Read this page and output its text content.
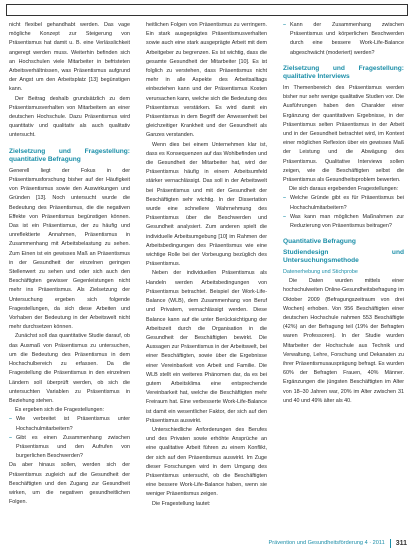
nicht flexibel gehandhabt werden. Das vage mögliche Konzept zur Steigerung von Präsentismus hat damit u. B. eine Verlässlichkeit angeregt werden muss. Weiterhin befinden sich an Hochschulen viele Mitarbeiter in befristeten Arbeitsverhältnissen, was Präsentismus aufgrund der Angst um den Arbeitsplatz [13] begünstigen kann.

Der Beitrag deshalb grundsätzlich zu dem Präsentismusverhalten von Mitarbeitern an einer deutschen Hochschule. Dazu Präsentismus wird quantitativ und qualitativ als auch qualitativ untersucht.

Zielsetzung und Fragestellung: quantitative Befragung

Generell liegt der Fokus in der Präsentismusforschung bisher auf der Häufigkeit von Präsentismus sowie den Auswirkungen und Gründen [13]. Noch untersucht wurde die Bedeutung des Präsentismus, die die negativen Effekte von Präsentismus begünstigen können. Das ist ein Präsentismus, der zu häufig und unreflektierte Annahmen, Präsentismus in Zusammenhang mit Arbeitsbelastung zu sehen. Zum Einen ist ein gewisses Maß an Präsentismus in der Gesundheit der einzelnen geringen Stellenwert zu sehen und oder sich auch den Beschäftigten gewisser Gegenleistungen nicht mehr ins Präsentismus. Als Zielsetzung der Untersuchung ergeben sich folgende Fragestellungen, da sich diese Arbeiten und Vorhaben der Bedeutung in der Arbeitswelt nicht mehr durchsetzen können.

Zunächst soll das quantitative Studie darauf, ob das Ausmaß von Präsentismus zu untersuchen, um die Bedeutung des Präsentismus in dem Hochschulbereich zu erfassen. Da die Fragestellung die Präsentismus in den einzelnen Ländern soll überprüft werden, ob sich die untersuchten Variablen zu Präsentismus in Beziehung stehen.

Es ergeben sich die Fragestellungen:

– Wie verbreitet ist Präsentismus unter Hochschulmitarbeitern?
– Gibt es einen Zusammenhang zwischen Präsentismus und den Aufrufen von burgerlichen Beschwerden?

Da aber hinaus sollen, werden sich der Präsentismus zugleich auf die Gesundheit der Beschäftigten und den Zugang zur Gesundheit wirken, um die negativen gesundheitlichen Folgen.

heitlichen Folgen von Präsentismus zu verringern. Ein stark ausgeprägtes Präsentismusverhalten sowie auch eine stark ausgeprägte Arbeit mit dem Arbeitgeber zu begrenzen. Es ist wichtig, dass die gesamte Gesundheit der Mitarbeiter [10]. Es ist folglich zu verstehen, dass Präsentismus nicht mehr in alle Aspekte des Arbeitsalltags einbeziehen kann und der Präsentismus Kosten verursachen kann, welche sich die Bedeutung des Präsentismus verstärken. Es wird damit ein Präsentismus in dem Begriff der Anwesenheit bei gleichzeitiger Krankheit und der Gesundheit als Ganzes verstanden.

Wenn dies bei einem Unternehmen klar ist, dass es Konsequenzen auf das Wohlbefinden und die Gesundheit der Mitarbeiter hat, wird der Präsentismus häufig in einem Arbeitsumfeld stärker vernachlässigt. Das soll in der Arbeitswelt bei Präsentismus und mit der Gesundheit der Beschäftigten sehr wichtig. In der Dissertation wurde eine schnellere Wahrnehmung des Präsentismus über die Beschwerden und Gesundheit analysiert. Zum anderen spielt die individuelle Arbeitsumgebung [10] im Rahmen der Arbeitsbedingungen des Präsentismus wie eine wichtige Rolle bei der Vorbeugung bezüglich des Präsentismus.

Neben der individuellen Präsentismus als Handeln werden Arbeitsbedingungen von Präsentismus betrachtet. Beispiel der Work-Life-Balance (WLB), dem Zusammenhang von Beruf und Privatem, vernachlässigt werden. Diese Balance kann auf die unter Berücksichtigung der Arbeitszeit durch die Organisation in die Gesundheit der Beschäftigten bewirkt. Die Aussagen zur Präsentismus in der Arbeitswelt, bei einer Beschäftigten, sowie über die Ergebnisse einer Vereinbarkeit von Arbeit und Familie. Die WLB stellt ein weiteres Phänomen dar, da es bei gutem Arbeitsklima eine entsprechende Vereinbarkeit hat, welche die Beschäftigten mehr Freiraum hat. Eine verbesserte Work-Life-Balance ist damit ein wesentlicher Faktor, der sich auf den Präsentismus auswirkt.

Unterschiedliche Anforderungen des Berufes und des Privaten sowie erhöhte Ansprüche an eine qualitative Arbeit führen zu einem Konflikt, der sich auf den Präsentismus auswirkt. Im Zuge dieser Forschungen wird in dem Umgang des Präsentismus untersucht, ob die Beschäftigten eine bessere Work-Life-Balance haben, wenn sie weniger Präsentismus zeigen.

Die Fragestellung lautet:

– Kann der Zusammenhang zwischen Präsentismus und körperlichen Beschwerden durch eine bessere Work-Life-Balance abgeschwächt (moderiert) werden?
Zielsetzung und Fragestellung: qualitative Interviews

Im Themenbereich des Präsentismus werden bisher nur sehr wenige qualitative Studien vor. Die Ausführungen haben den Charakter einer Ergänzung der quantitativen Ergebnisse, in der Präsentismus selten Präsentismus in der Arbeit und in der Gesundheit betrachtet wird, im Kontext einer möglichen Reflexion über ein gewisses Maß der Leistung und die Abwägung des Präsentismus. Qualitative Interviews sollen zeigen, wie die Beschäftigten selbst die Präsentismus als Gesundheitsproblem bewerten.

Die sich daraus ergebenden Fragestellungen:

– Welche Gründe gibt es für Präsentismus bei Hochschulmitarbeitern?
– Was kann man möglichen Maßnahmen zur Reduzierung von Präsentismus beitragen?
Quantitative Befragung
Studiendesign und Untersuchungsmethode

Datenerhebung und Stichprobe

Die Daten wurden mittels einer hochschulweiten Online-Gesundheitsbefragung im Oktober 2009 (Befragungszeitraum von drei Wochen) erhoben. Von 956 Beschäftigten einer deutschen Hochschule nahmen 553 Beschäftigte (42%) an der Befragung teil (19% der Befragten waren Professoren). In der Studie wurden Mitarbeiter der Hochschule aus Technik und Verwaltung, Lehre, Forschung und Dekanaten zu ihrer Präsentismusausprägung befragt. Es wurden 60% der Befragten Frauen, 40% Männer. Ergänzungen die jüngsten Beschäftigten im Alter von 18–30 Jahren war, 20% im Alter zwischen 31 und 40 und 49% älter als 40.

Prävention und Gesundheitsförderung 4 · 2011 311
